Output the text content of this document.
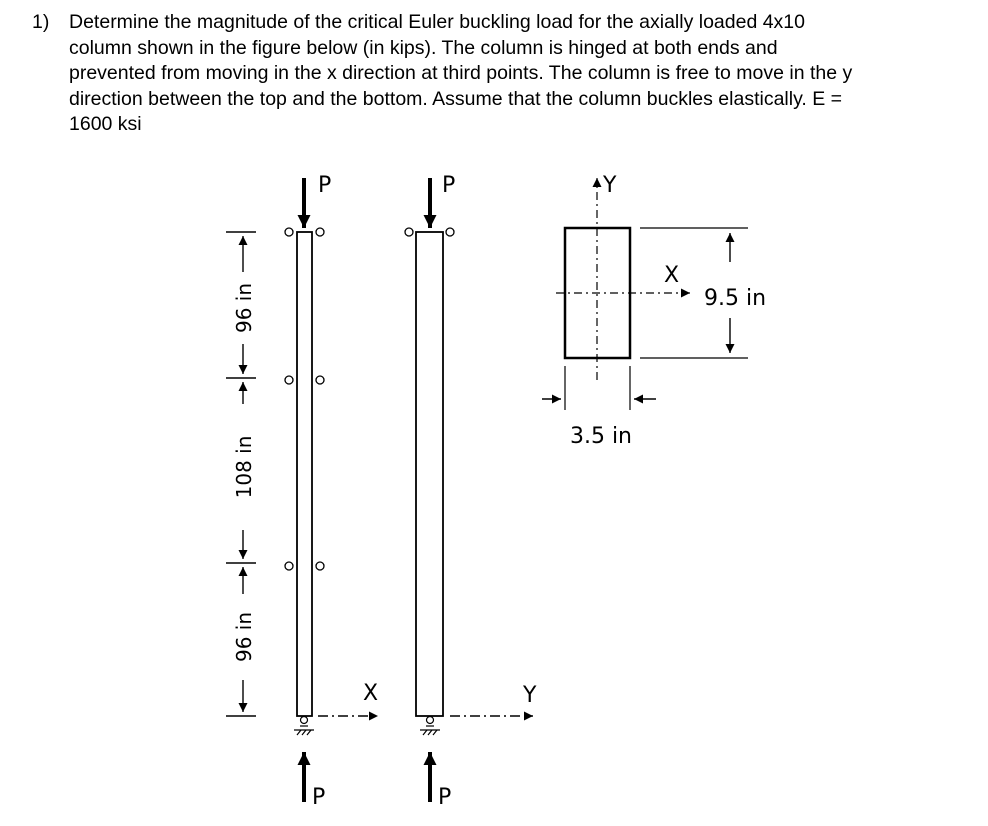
1) Determine the magnitude of the critical Euler buckling load for the axially loaded 4x10
column shown in the figure below (in kips). The column is hinged at both ends and
prevented from moving in the x direction at third points. The column is free to move in the y
direction between the top and the bottom. Assume that the column buckles elastically. E =
1600 ksi
96 in
108 in
96 in
P
P
X
P
P
Y
Y
X
9.5 in
3.5 in
